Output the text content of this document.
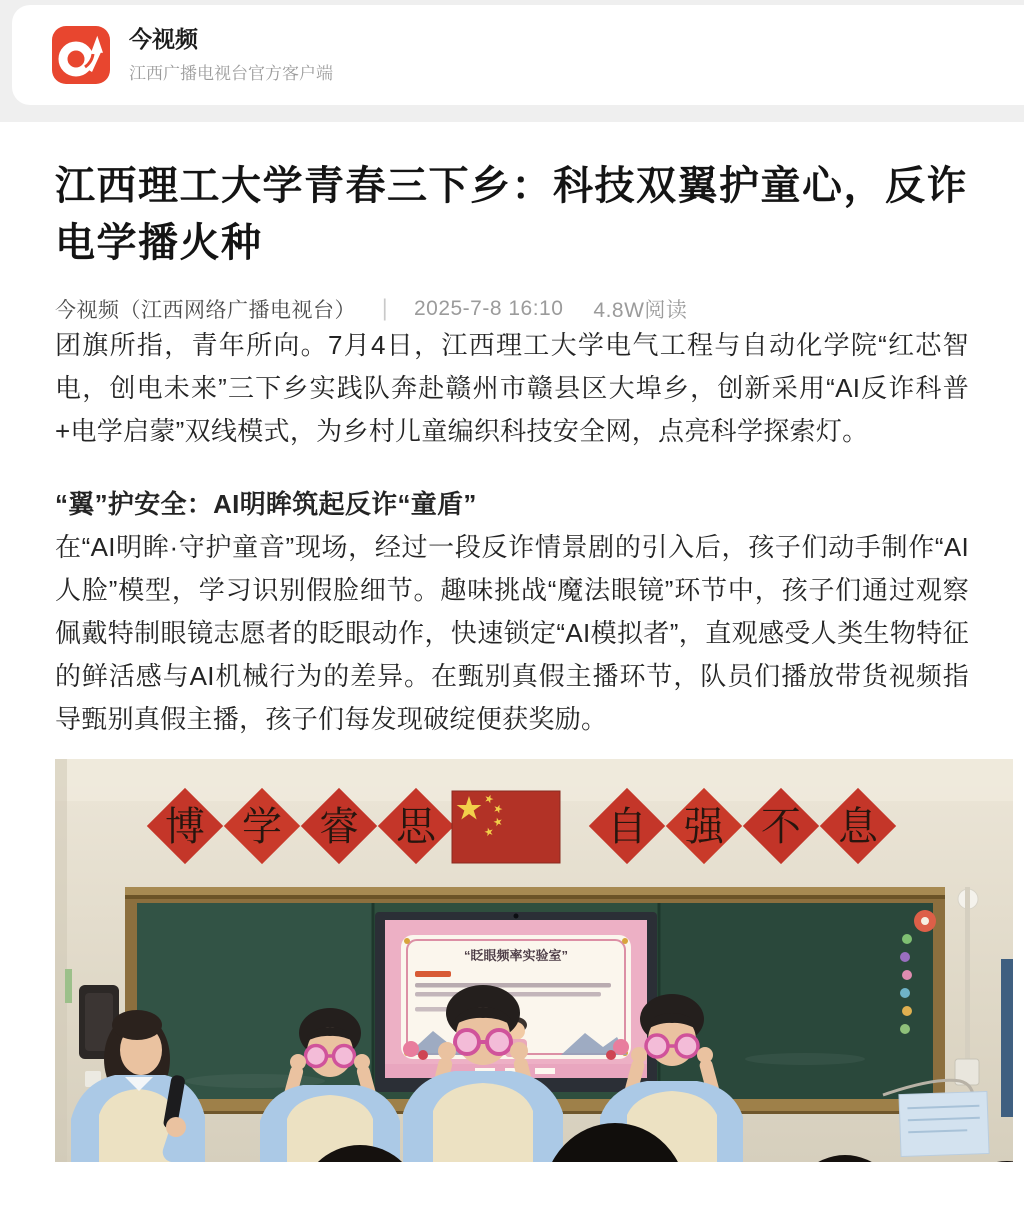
今视频
江西广播电视台官方客户端
江西理工大学青春三下乡：科技双翼护童心，反诈电学播火种
今视频（江西网络广播电视台） | 2025-7-8 16:10 4.8W阅读

团旗所指，青年所向。7月4日，江西理工大学电气工程与自动化学院“红芯智电，创电未来”三下乡实践队奔赴赣州市赣县区大埠乡，创新采用“AI反诈科普+电学启蒙”双线模式，为乡村儿童编织科技安全网，点亮科学探索灯。

“翼”护安全：AI明眸筑起反诈“童盾”

在“AI明眸·守护童音”现场，经过一段反诈情景剧的引入后，孩子们动手制作“AI人脸”模型，学习识别假脸细节。趣味挑战“魔法眼镜”环节中，孩子们通过观察佩戴特制眼镜志愿者的眨眼动作，快速锁定“AI模拟者”，直观感受人类生物特征的鲜活感与AI机械行为的差异。在甄别真假主播环节，队员们播放带货视频指导甄别真假主播，孩子们每发现破绽便获奖励。

博 学 睿 思	自 强 不 息
“眨眼频率实验室”
